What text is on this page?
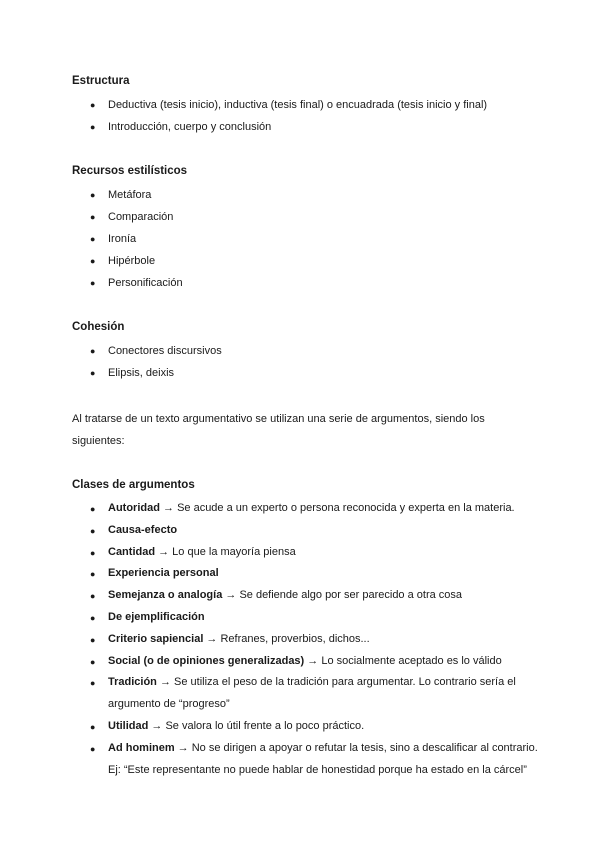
Estructura
● Deductiva (tesis inicio), inductiva (tesis final) o encuadrada (tesis inicio y final)
● Introducción, cuerpo y conclusión
Recursos estilísticos
● Metáfora
● Comparación
● Ironía
● Hipérbole
● Personificación
Cohesión
● Conectores discursivos
● Elipsis, deixis

Al tratarse de un texto argumentativo se utilizan una serie de argumentos, siendo los siguientes:

Clases de argumentos
● Autoridad → Se acude a un experto o persona reconocida y experta en la materia.
● Causa-efecto
● Cantidad → Lo que la mayoría piensa
● Experiencia personal
● Semejanza o analogía → Se defiende algo por ser parecido a otra cosa
● De ejemplificación
● Criterio sapiencial → Refranes, proverbios, dichos...
● Social (o de opiniones generalizadas) → Lo socialmente aceptado es lo válido
● Tradición → Se utiliza el peso de la tradición para argumentar. Lo contrario sería el argumento de “progreso”
● Utilidad → Se valora lo útil frente a lo poco práctico.
● Ad hominem → No se dirigen a apoyar o refutar la tesis, sino a descalificar al contrario.
Ej: “Este representante no puede hablar de honestidad porque ha estado en la cárcel”
